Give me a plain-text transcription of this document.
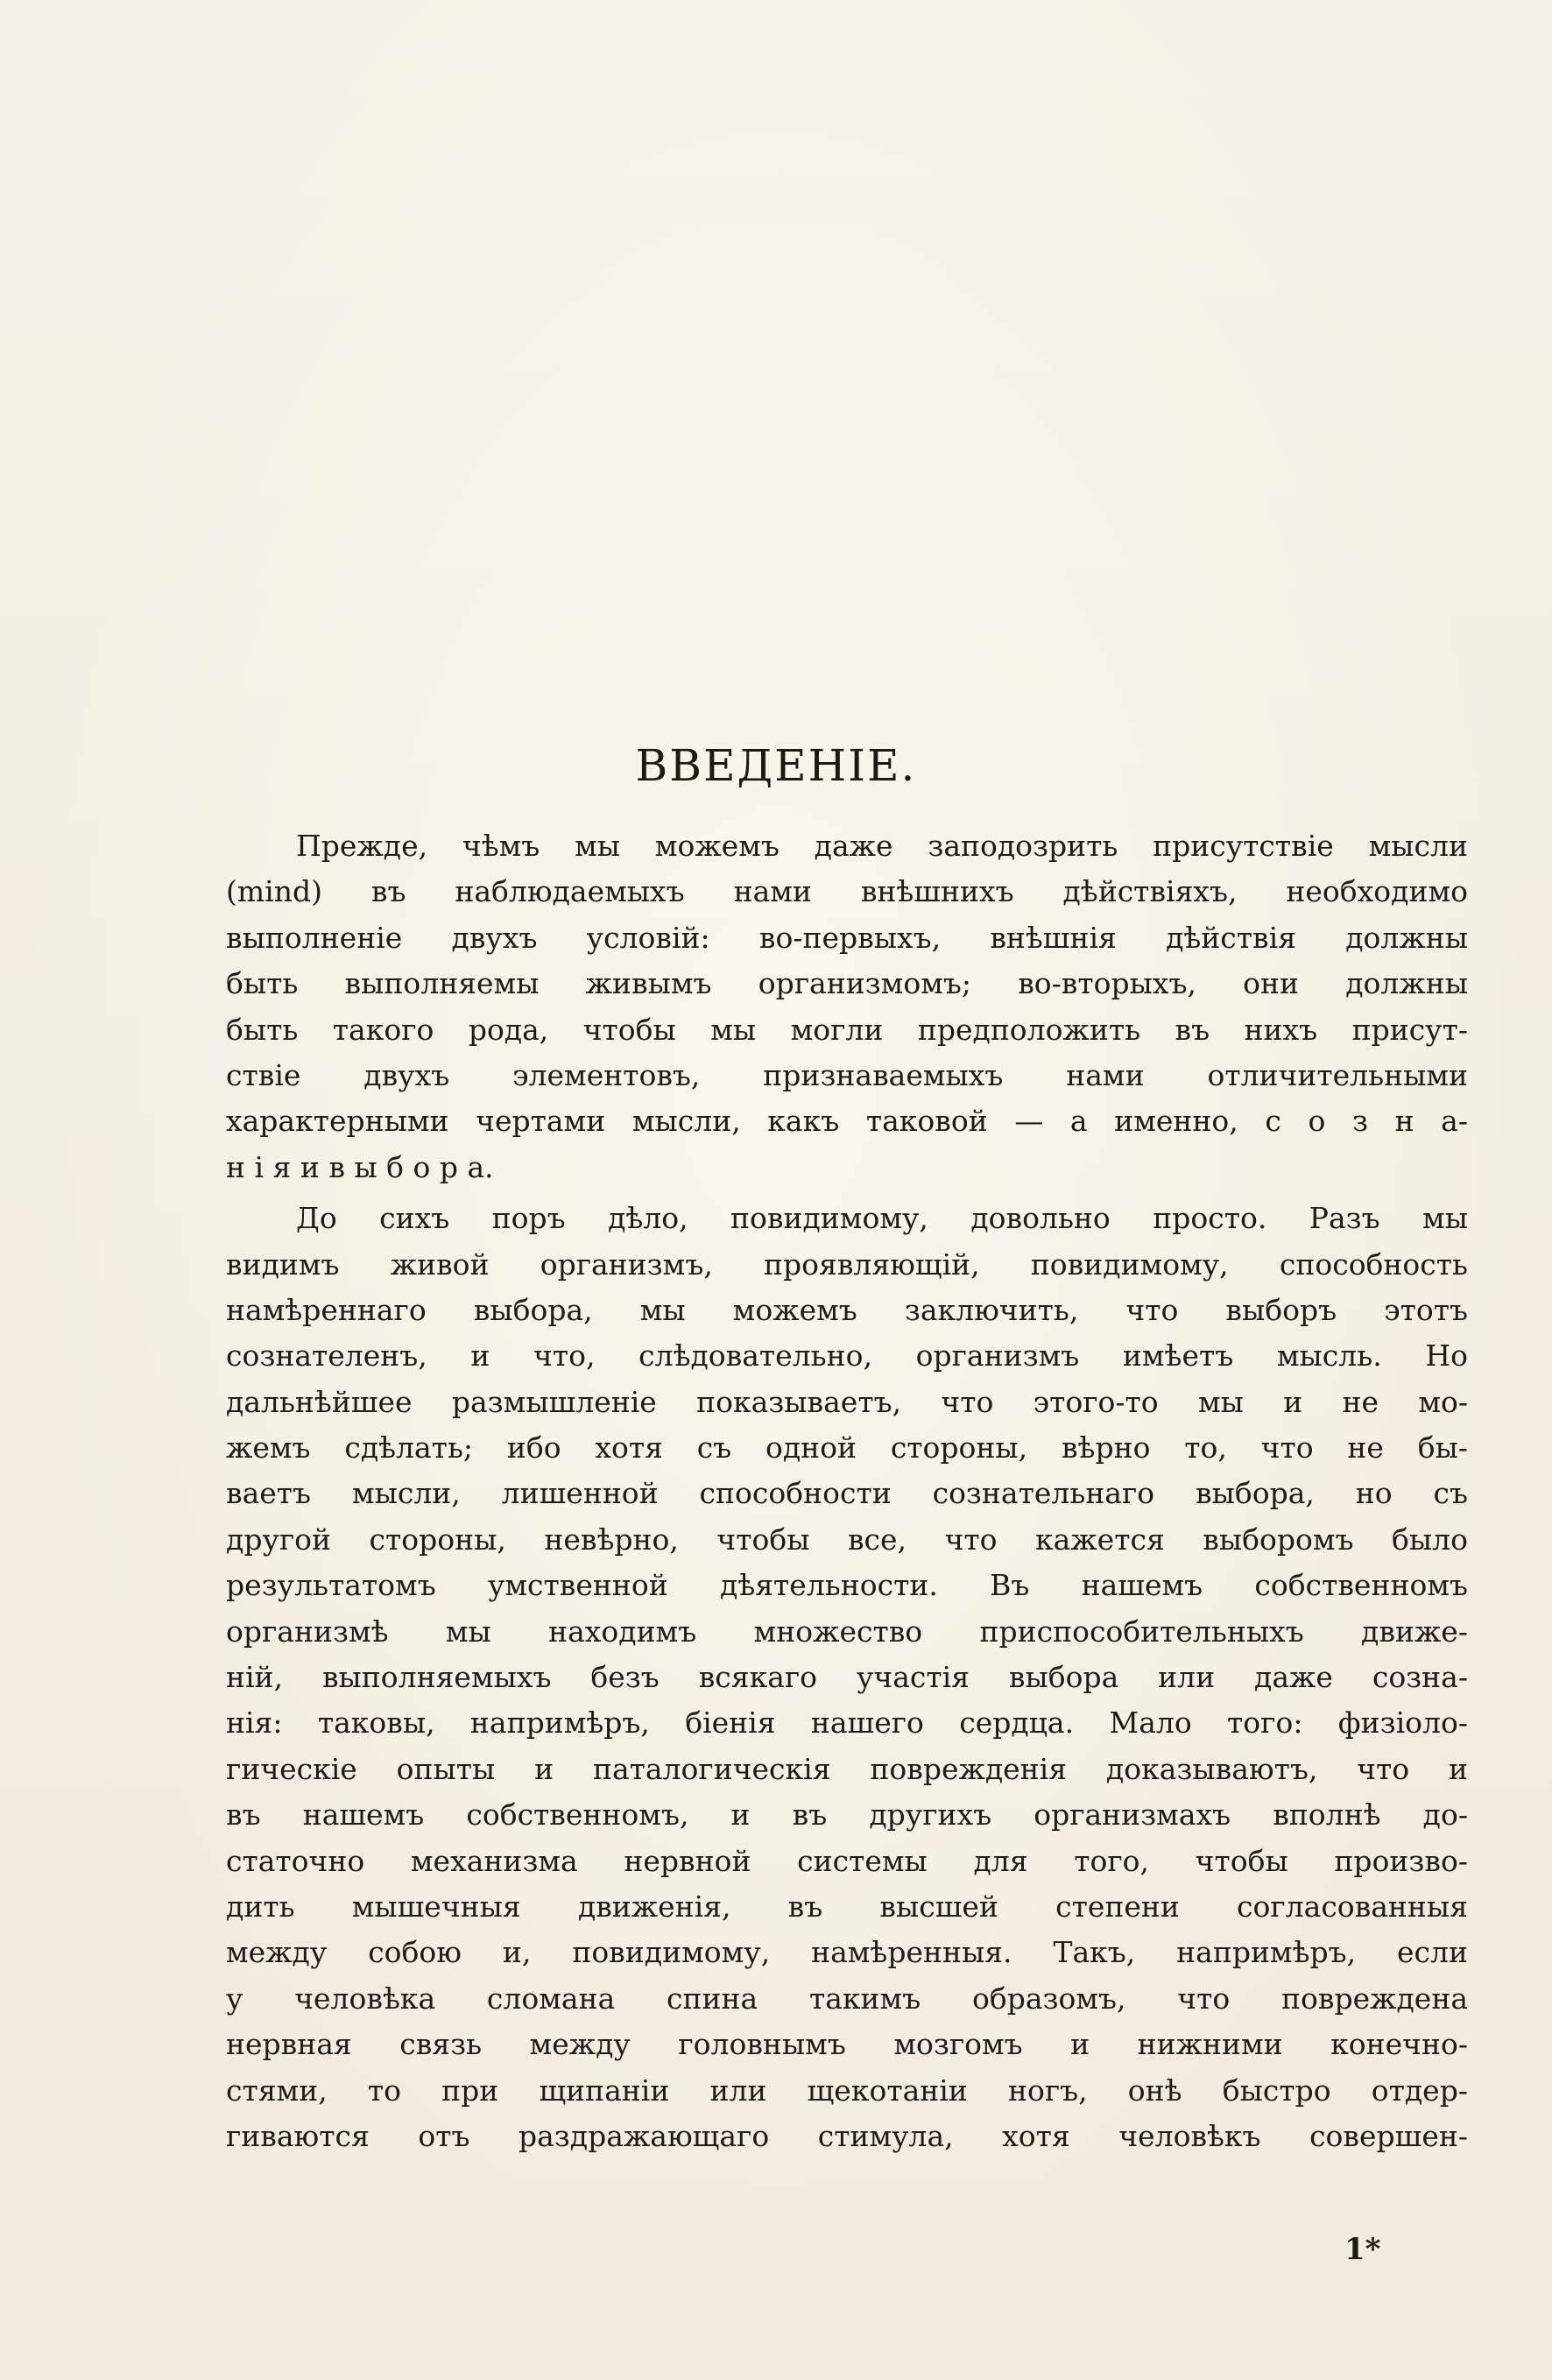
ВВЕДЕНІЕ.
Прежде, чѣмъ мы можемъ даже заподозрить присутствіе мысли
(mind) въ наблюдаемыхъ нами внѣшнихъ дѣйствіяхъ, необходимо
выполненіе двухъ условій: во-первыхъ, внѣшнія дѣйствія должны
быть выполняемы живымъ организмомъ; во-вторыхъ, они должны
быть такого рода, чтобы мы могли предположить въ нихъ присут-
ствіе двухъ элементовъ, признаваемыхъ нами отличительными
характерными чертами мысли, какъ таковой — а именно, с о з н а-
н і я и в ы б о р а.
До сихъ поръ дѣло, повидимому, довольно просто. Разъ мы
видимъ живой организмъ, проявляющій, повидимому, способность
намѣреннаго выбора, мы можемъ заключить, что выборъ этотъ
сознателенъ, и что, слѣдовательно, организмъ имѣетъ мысль. Но
дальнѣйшее размышленіе показываетъ, что этого-то мы и не мо-
жемъ сдѣлать; ибо хотя съ одной стороны, вѣрно то, что не бы-
ваетъ мысли, лишенной способности сознательнаго выбора, но съ
другой стороны, невѣрно, чтобы все, что кажется выборомъ было
результатомъ умственной дѣятельности. Въ нашемъ собственномъ
организмѣ мы находимъ множество приспособительныхъ движе-
ній, выполняемыхъ безъ всякаго участія выбора или даже созна-
нія: таковы, напримѣръ, біенія нашего сердца. Мало того: физіоло-
гическіе опыты и паталогическія поврежденія доказываютъ, что и
въ нашемъ собственномъ, и въ другихъ организмахъ вполнѣ до-
статочно механизма нервной системы для того, чтобы произво-
дить мышечныя движенія, въ высшей степени согласованныя
между собою и, повидимому, намѣренныя. Такъ, напримѣръ, если
у человѣка сломана спина такимъ образомъ, что повреждена
нервная связь между головнымъ мозгомъ и нижними конечно-
стями, то при щипаніи или щекотаніи ногъ, онѣ быстро отдер-
гиваются отъ раздражающаго стимула, хотя человѣкъ совершен-
1*
